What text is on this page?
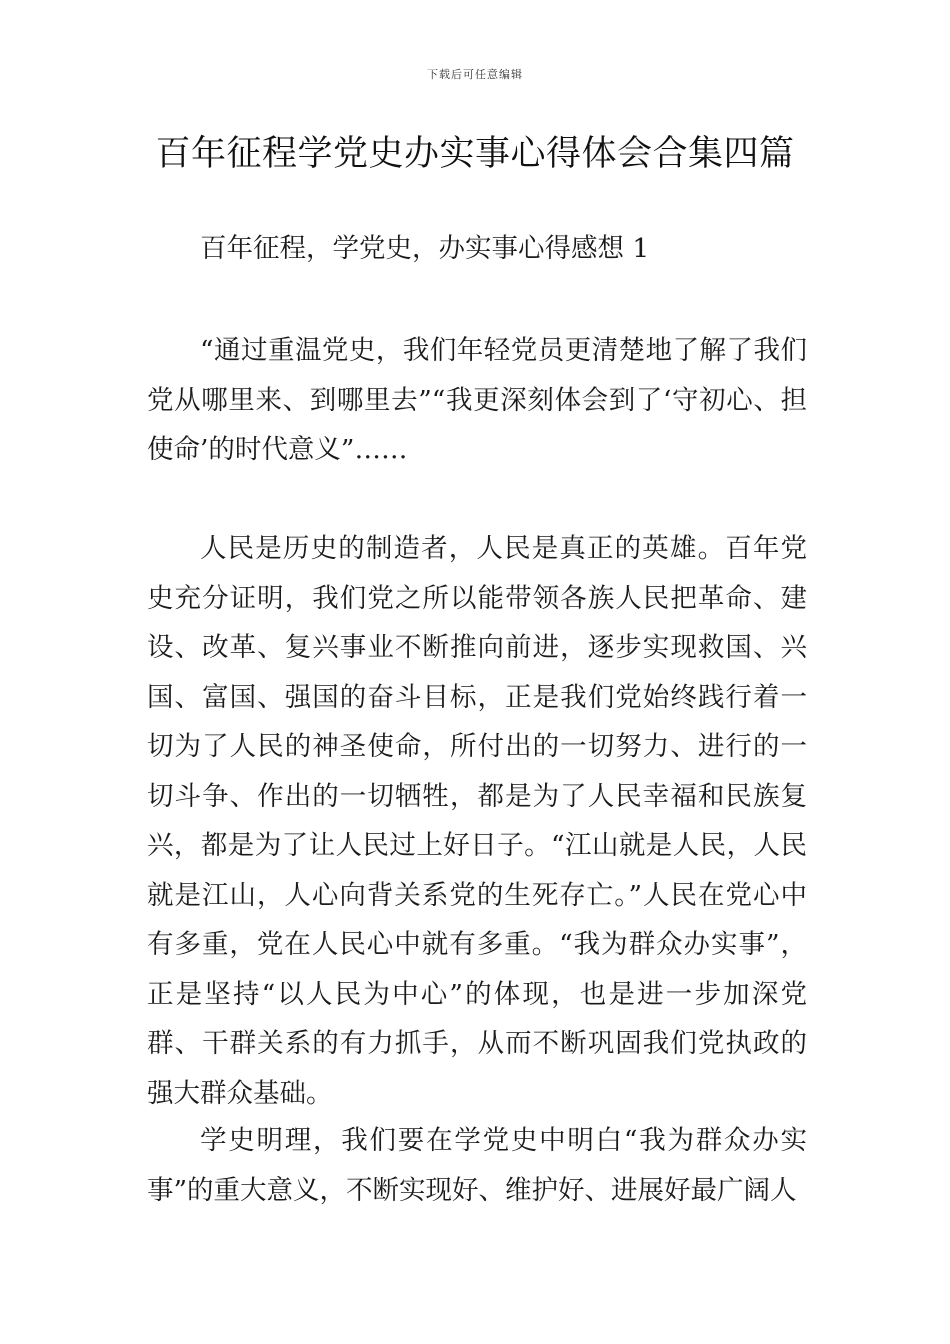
下载后可任意编辑
百年征程学党史办实事心得体会合集四篇

百年征程，学党史，办实事心得感想 1

“通过重温党史，我们年轻党员更清楚地了解了我们党从哪里来、到哪里去”“我更深刻体会到了‘守初心、担使命’的时代意义”……

人民是历史的制造者，人民是真正的英雄。百年党史充分证明，我们党之所以能带领各族人民把革命、建设、改革、复兴事业不断推向前进，逐步实现救国、兴国、富国、强国的奋斗目标，正是我们党始终践行着一切为了人民的神圣使命，所付出的一切努力、进行的一切斗争、作出的一切牺牲，都是为了人民幸福和民族复兴，都是为了让人民过上好日子。“江山就是人民，人民就是江山，人心向背关系党的生死存亡。”人民在党心中有多重，党在人民心中就有多重。“我为群众办实事”，正是坚持“以人民为中心”的体现，也是进一步加深党群、干群关系的有力抓手，从而不断巩固我们党执政的强大群众基础。

学史明理，我们要在学党史中明白“我为群众办实事”的重大意义，不断实现好、维护好、进展好最广阔人
